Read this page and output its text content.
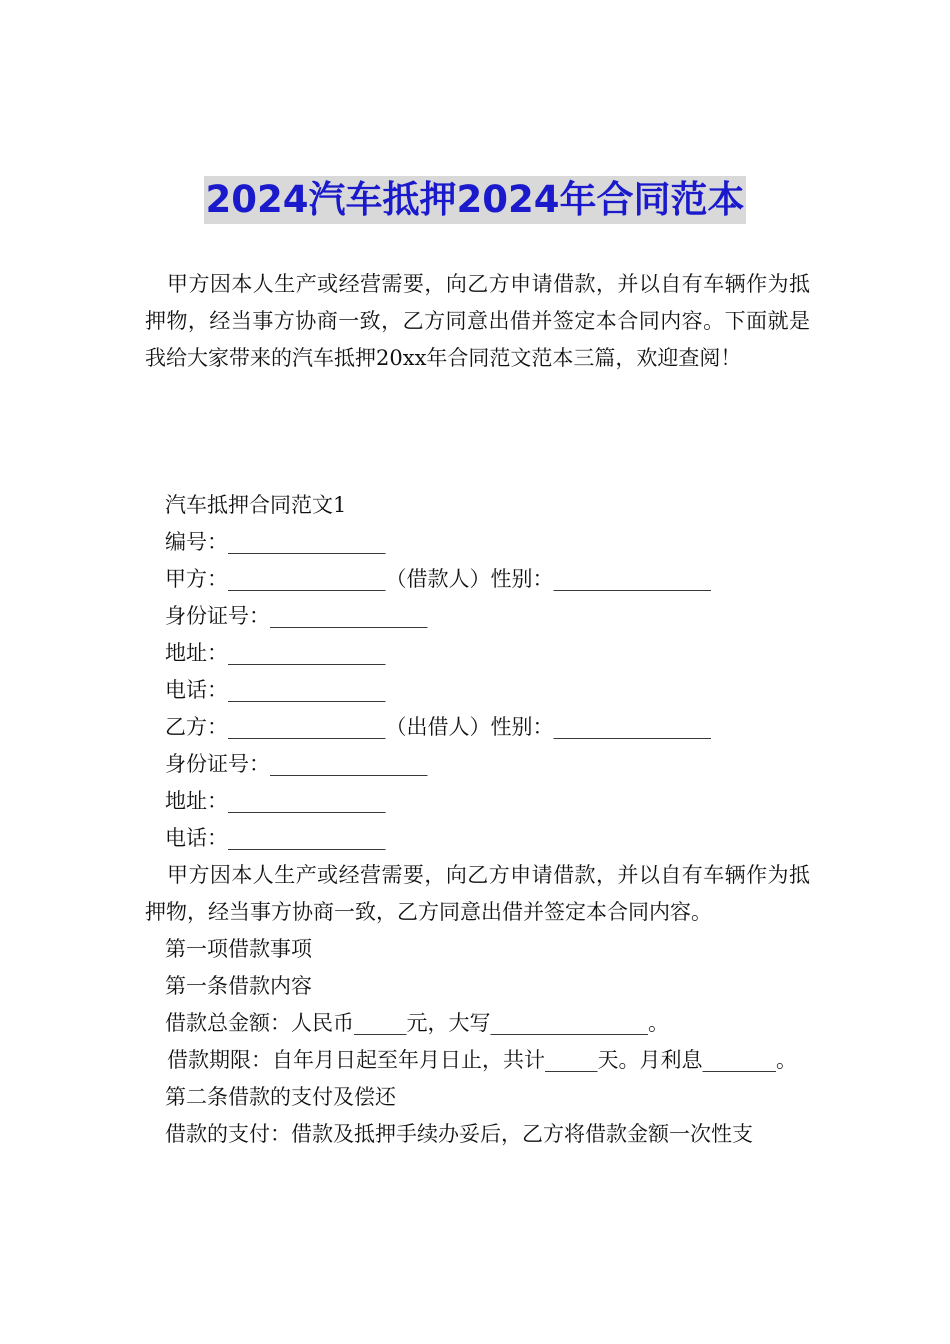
2024汽车抵押2024年合同范本

甲方因本人生产或经营需要，向乙方申请借款，并以自有车辆作为抵押物，经当事方协商一致，乙方同意出借并签定本合同内容。下面就是我给大家带来的汽车抵押20xx年合同范文范本三篇，欢迎查阅！

汽车抵押合同范文1
编号：_______________
甲方：_______________（借款人）性别：_______________
身份证号：_______________
地址：_______________
电话：_______________
乙方：_______________（出借人）性别：_______________
身份证号：_______________
地址：_______________
电话：_______________
甲方因本人生产或经营需要，向乙方申请借款，并以自有车辆作为抵押物，经当事方协商一致，乙方同意出借并签定本合同内容。
第一项借款事项
第一条借款内容
借款总金额：人民币_____元，大写_______________。
借款期限：自年月日起至年月日止，共计_____天。月利息_______。
第二条借款的支付及偿还
借款的支付：借款及抵押手续办妥后，乙方将借款金额一次性支
